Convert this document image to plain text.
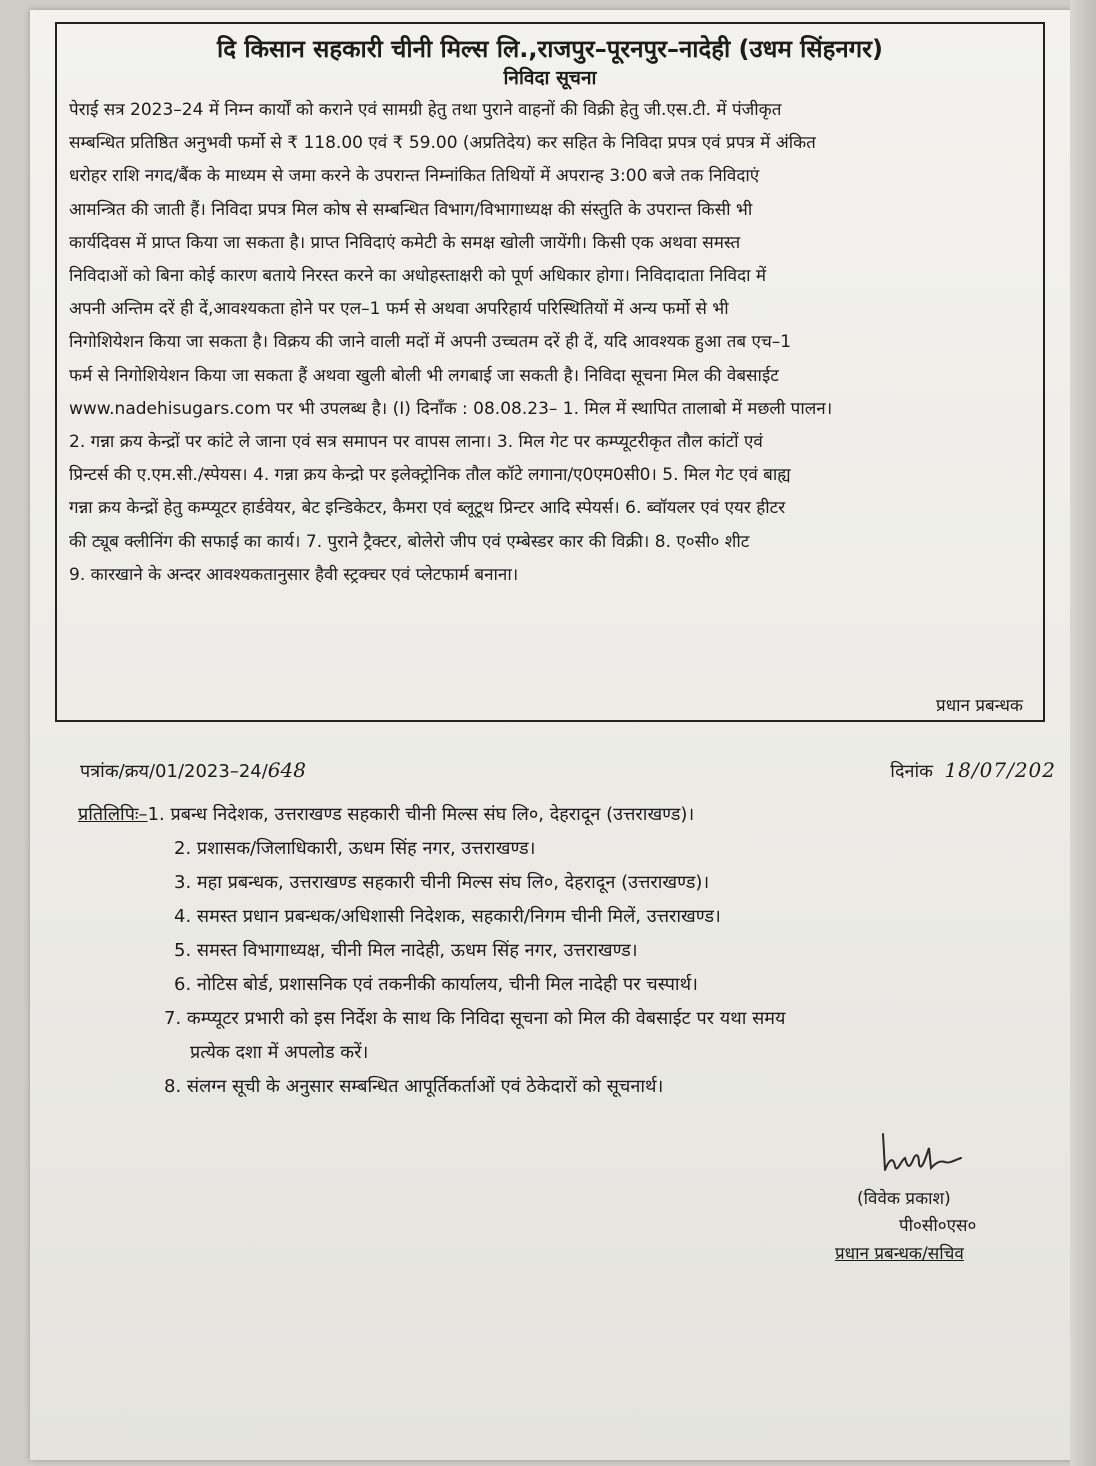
दि किसान सहकारी चीनी मिल्स लि.,राजपुर–पूरनपुर–नादेही (उधम सिंहनगर)
निविदा सूचना
पेराई सत्र 2023–24 में निम्न कार्यों को कराने एवं सामग्री हेतु तथा पुराने वाहनों की विक्री हेतु जी.एस.टी. में पंजीकृत
सम्बन्धित प्रतिष्ठित अनुभवी फर्मो से ₹ 118.00 एवं ₹ 59.00 (अप्रतिदेय) कर सहित के निविदा प्रपत्र एवं प्रपत्र में अंकित
धरोहर राशि नगद/बैंक के माध्यम से जमा करने के उपरान्त निम्नांकित तिथियों में अपरान्ह 3:00 बजे तक निविदाएं
आमन्त्रित की जाती हैं। निविदा प्रपत्र मिल कोष से सम्बन्धित विभाग/विभागाध्यक्ष की संस्तुति के उपरान्त किसी भी
कार्यदिवस में प्राप्त किया जा सकता है। प्राप्त निविदाएं कमेटी के समक्ष खोली जायेंगी। किसी एक अथवा समस्त
निविदाओं को बिना कोई कारण बताये निरस्त करने का अधोहस्ताक्षरी को पूर्ण अधिकार होगा। निविदादाता निविदा में
अपनी अन्तिम दरें ही दें,आवश्यकता होने पर एल–1 फर्म से अथवा अपरिहार्य परिस्थितियों में अन्य फर्मो से भी
निगोशियेशन किया जा सकता है। विक्रय की जाने वाली मदों में अपनी उच्चतम दरें ही दें, यदि आवश्यक हुआ तब एच–1
फर्म से निगोशियेशन किया जा सकता हैं अथवा खुली बोली भी लगबाई जा सकती है। निविदा सूचना मिल की वेबसाईट
www.nadehisugars.com पर भी उपलब्ध है। (I) दिनाँक : 08.08.23– 1. मिल में स्थापित तालाबो में मछली पालन।
2. गन्ना क्रय केन्द्रों पर कांटे ले जाना एवं सत्र समापन पर वापस लाना। 3. मिल गेट पर कम्प्यूटरीकृत तौल कांटों एवं
प्रिन्टर्स की ए.एम.सी./स्पेयस। 4. गन्ना क्रय केन्द्रो पर इलेक्ट्रोनिक तौल कॉटे लगाना/ए0एम0सी0। 5. मिल गेट एवं बाह्य
गन्ना क्रय केन्द्रों हेतु कम्प्यूटर हार्डवेयर, बेट इन्डिकेटर, कैमरा एवं ब्लूटूथ प्रिन्टर आदि स्पेयर्स। 6. ब्वॉयलर एवं एयर हीटर
की ट्यूब क्लीनिंग की सफाई का कार्य। 7. पुराने ट्रैक्टर, बोलेरो जीप एवं एम्बेस्डर कार की विक्री। 8. ए०सी० शीट
9. कारखाने के अन्दर आवश्यकतानुसार हैवी स्ट्रक्चर एवं प्लेटफार्म बनाना।
प्रधान प्रबन्धक
पत्रांक/क्रय/01/2023–24/648	दिनांक 18/07/202
प्रतिलिपिः– 1. प्रबन्ध निदेशक, उत्तराखण्ड सहकारी चीनी मिल्स संघ लि०, देहरादून (उत्तराखण्ड)।
2. प्रशासक/जिलाधिकारी, ऊधम सिंह नगर, उत्तराखण्ड।
3. महा प्रबन्धक, उत्तराखण्ड सहकारी चीनी मिल्स संघ लि०, देहरादून (उत्तराखण्ड)।
4. समस्त प्रधान प्रबन्धक/अधिशासी निदेशक, सहकारी/निगम चीनी मिलें, उत्तराखण्ड।
5. समस्त विभागाध्यक्ष, चीनी मिल नादेही, ऊधम सिंह नगर, उत्तराखण्ड।
6. नोटिस बोर्ड, प्रशासनिक एवं तकनीकी कार्यालय, चीनी मिल नादेही पर चस्पार्थ।
7. कम्प्यूटर प्रभारी को इस निर्देश के साथ कि निविदा सूचना को मिल की वेबसाईट पर यथा समय
प्रत्येक दशा में अपलोड करें।
8. संलग्न सूची के अनुसार सम्बन्धित आपूर्तिकर्ताओं एवं ठेकेदारों को सूचनार्थ।
(विवेक प्रकाश)
पी०सी०एस०
प्रधान प्रबन्धक/सचिव
